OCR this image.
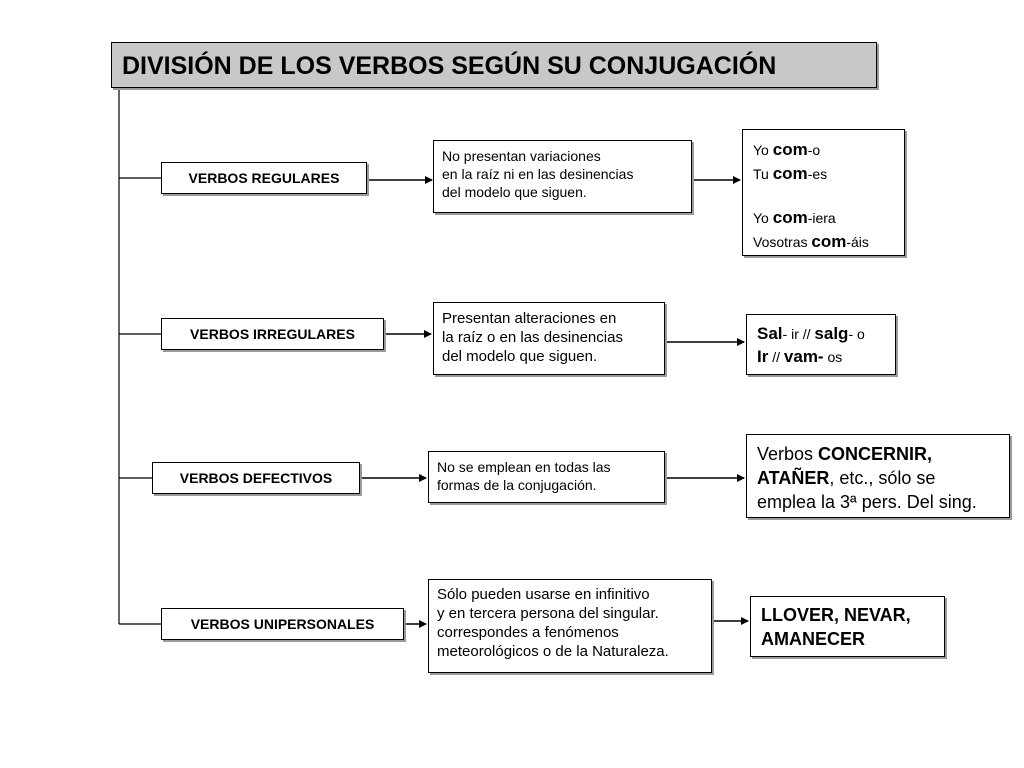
DIVISIÓN DE LOS VERBOS SEGÚN SU CONJUGACIÓN
VERBOS REGULARES
No presentan variaciones
en la raíz ni en las desinencias
del modelo que siguen.
Yo com-o
Tu com-es
Yo com-iera
Vosotras com-áis
VERBOS IRREGULARES
Presentan alteraciones en
la raíz o en las desinencias
del modelo que siguen.
Sal- ir // salg- o
Ir // vam- os
VERBOS DEFECTIVOS
No se emplean en todas las
formas de la conjugación.
Verbos CONCERNIR,
ATAÑER, etc., sólo se
emplea la 3ª pers. Del sing.
VERBOS UNIPERSONALES
Sólo pueden usarse en infinitivo
y en tercera persona del singular.
correspondes a fenómenos
meteorológicos o de la Naturaleza.
LLOVER, NEVAR,
AMANECER
